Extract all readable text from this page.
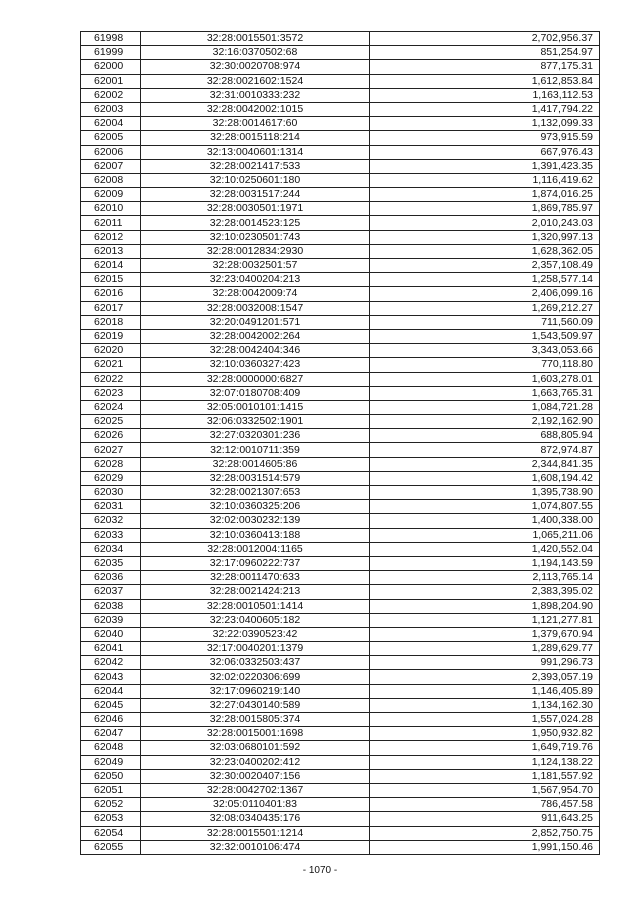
61998	32:28:0015501:3572	2,702,956.37
61999	32:16:0370502:68	851,254.97
62000	32:30:0020708:974	877,175.31
62001	32:28:0021602:1524	1,612,853.84
62002	32:31:0010333:232	1,163,112.53
62003	32:28:0042002:1015	1,417,794.22
62004	32:28:0014617:60	1,132,099.33
62005	32:28:0015118:214	973,915.59
62006	32:13:0040601:1314	667,976.43
62007	32:28:0021417:533	1,391,423.35
62008	32:10:0250601:180	1,116,419.62
62009	32:28:0031517:244	1,874,016.25
62010	32:28:0030501:1971	1,869,785.97
62011	32:28:0014523:125	2,010,243.03
62012	32:10:0230501:743	1,320,997.13
62013	32:28:0012834:2930	1,628,362.05
62014	32:28:0032501:57	2,357,108.49
62015	32:23:0400204:213	1,258,577.14
62016	32:28:0042009:74	2,406,099.16
62017	32:28:0032008:1547	1,269,212.27
62018	32:20:0491201:571	711,560.09
62019	32:28:0042002:264	1,543,509.97
62020	32:28:0042404:346	3,343,053.66
62021	32:10:0360327:423	770,118.80
62022	32:28:0000000:6827	1,603,278.01
62023	32:07:0180708:409	1,663,765.31
62024	32:05:0010101:1415	1,084,721.28
62025	32:06:0332502:1901	2,192,162.90
62026	32:27:0320301:236	688,805.94
62027	32:12:0010711:359	872,974.87
62028	32:28:0014605:86	2,344,841.35
62029	32:28:0031514:579	1,608,194.42
62030	32:28:0021307:653	1,395,738.90
62031	32:10:0360325:206	1,074,807.55
62032	32:02:0030232:139	1,400,338.00
62033	32:10:0360413:188	1,065,211.06
62034	32:28:0012004:1165	1,420,552.04
62035	32:17:0960222:737	1,194,143.59
62036	32:28:0011470:633	2,113,765.14
62037	32:28:0021424:213	2,383,395.02
62038	32:28:0010501:1414	1,898,204.90
62039	32:23:0400605:182	1,121,277.81
62040	32:22:0390523:42	1,379,670.94
62041	32:17:0040201:1379	1,289,629.77
62042	32:06:0332503:437	991,296.73
62043	32:02:0220306:699	2,393,057.19
62044	32:17:0960219:140	1,146,405.89
62045	32:27:0430140:589	1,134,162.30
62046	32:28:0015805:374	1,557,024.28
62047	32:28:0015001:1698	1,950,932.82
62048	32:03:0680101:592	1,649,719.76
62049	32:23:0400202:412	1,124,138.22
62050	32:30:0020407:156	1,181,557.92
62051	32:28:0042702:1367	1,567,954.70
62052	32:05:0110401:83	786,457.58
62053	32:08:0340435:176	911,643.25
62054	32:28:0015501:1214	2,852,750.75
62055	32:32:0010106:474	1,991,150.46
- 1070 -
